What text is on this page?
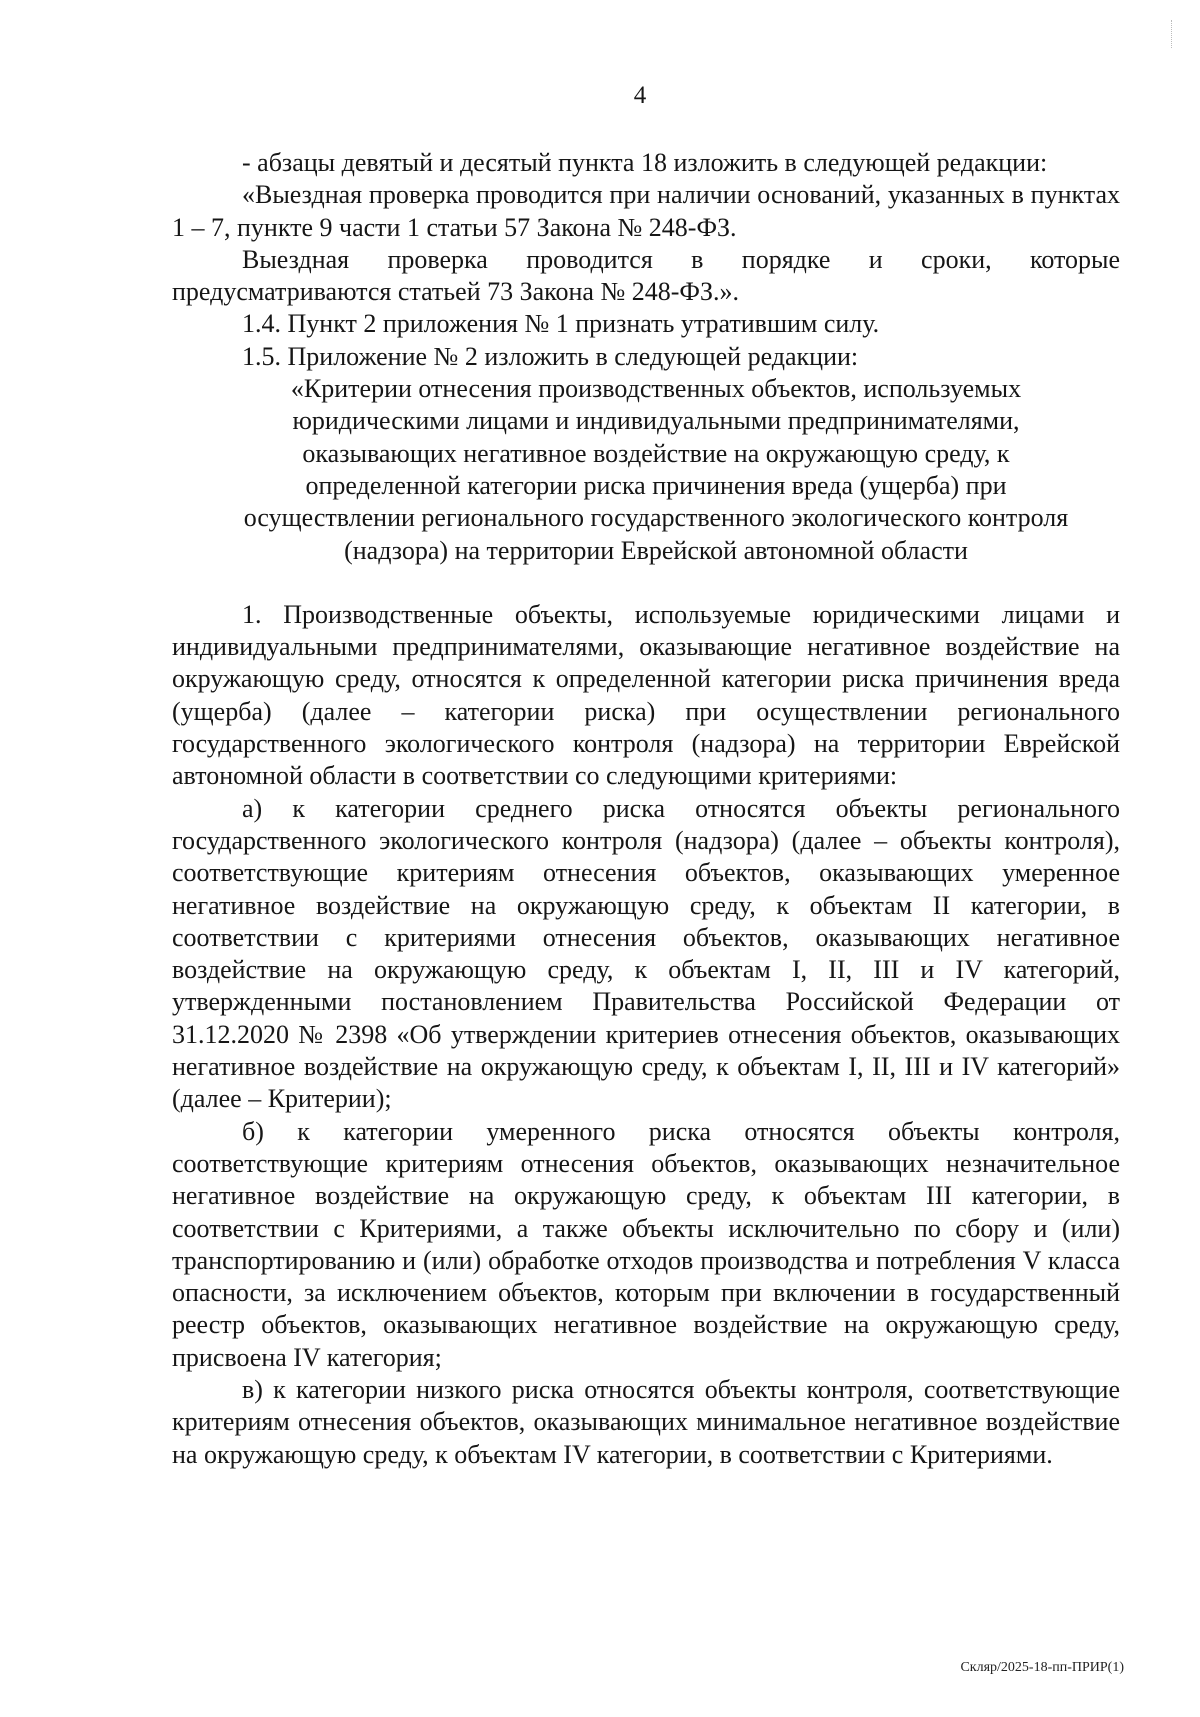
4

- абзацы девятый и десятый пункта 18 изложить в следующей редакции:

«Выездная проверка проводится при наличии оснований, указанных в пунктах 1 – 7, пункте 9 части 1 статьи 57 Закона № 248-ФЗ.

Выездная проверка проводится в порядке и сроки, которые предусматриваются статьей 73 Закона № 248-ФЗ.».

1.4. Пункт 2 приложения № 1 признать утратившим силу.

1.5. Приложение № 2 изложить в следующей редакции:

«Критерии отнесения производственных объектов, используемых
юридическими лицами и индивидуальными предпринимателями,
оказывающих негативное воздействие на окружающую среду, к
определенной категории риска причинения вреда (ущерба) при
осуществлении регионального государственного экологического контроля
(надзора) на территории Еврейской автономной области

1. Производственные объекты, используемые юридическими лицами и индивидуальными предпринимателями, оказывающие негативное воздействие на окружающую среду, относятся к определенной категории риска причинения вреда (ущерба) (далее – категории риска) при осуществлении регионального государственного экологического контроля (надзора) на территории Еврейской автономной области в соответствии со следующими критериями:

а) к категории среднего риска относятся объекты регионального государственного экологического контроля (надзора) (далее – объекты контроля), соответствующие критериям отнесения объектов, оказывающих умеренное негативное воздействие на окружающую среду, к объектам II категории, в соответствии с критериями отнесения объектов, оказывающих негативное воздействие на окружающую среду, к объектам I, II, III и IV категорий, утвержденными постановлением Правительства Российской Федерации от 31.12.2020 № 2398 «Об утверждении критериев отнесения объектов, оказывающих негативное воздействие на окружающую среду, к объектам I, II, III и IV категорий» (далее – Критерии);

б) к категории умеренного риска относятся объекты контроля, соответствующие критериям отнесения объектов, оказывающих незначительное негативное воздействие на окружающую среду, к объектам III категории, в соответствии с Критериями, а также объекты исключительно по сбору и (или) транспортированию и (или) обработке отходов производства и потребления V класса опасности, за исключением объектов, которым при включении в государственный реестр объектов, оказывающих негативное воздействие на окружающую среду, присвоена IV категория;

в) к категории низкого риска относятся объекты контроля, соответствующие критериям отнесения объектов, оказывающих минимальное негативное воздействие на окружающую среду, к объектам IV категории, в соответствии с Критериями.

Скляр/2025-18-пп-ПРИР(1)
